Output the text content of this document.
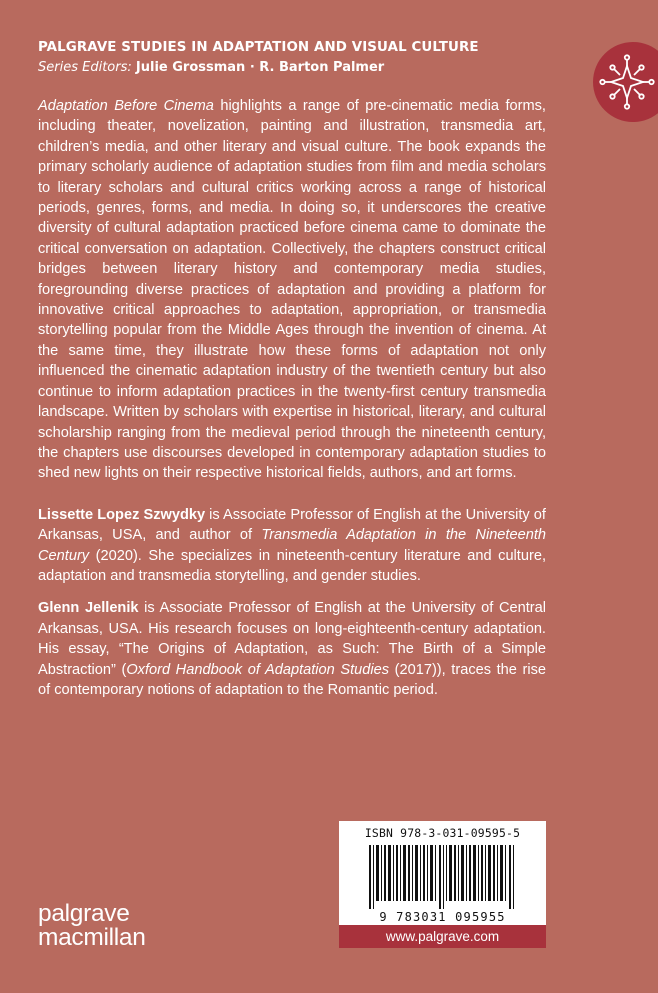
PALGRAVE STUDIES IN ADAPTATION AND VISUAL CULTURE
Series Editors: Julie Grossman · R. Barton Palmer

Adaptation Before Cinema highlights a range of pre-cinematic media forms, including theater, novelization, painting and illustration, transmedia art, children’s media, and other literary and visual culture. The book expands the primary scholarly audience of adaptation studies from film and media scholars to literary scholars and cultural critics working across a range of historical periods, genres, forms, and media. In doing so, it underscores the creative diversity of cultural adaptation practiced before cinema came to dominate the critical conversation on adaptation. Collectively, the chapters construct critical bridges between literary history and contemporary media studies, foregrounding diverse practices of adaptation and providing a platform for innovative critical approaches to adaptation, appropriation, or transmedia storytelling popular from the Middle Ages through the invention of cinema. At the same time, they illustrate how these forms of adaptation not only influenced the cinematic adaptation industry of the twentieth century but also continue to inform adaptation practices in the twenty-first century transmedia landscape. Written by scholars with expertise in historical, literary, and cultural scholarship ranging from the medieval period through the nineteenth century, the chapters use discourses developed in contemporary adaptation studies to shed new lights on their respective historical fields, authors, and art forms.

Lissette Lopez Szwydky is Associate Professor of English at the University of Arkansas, USA, and author of Transmedia Adaptation in the Nineteenth Century (2020). She specializes in nineteenth-century literature and culture, adaptation and transmedia storytelling, and gender studies.

Glenn Jellenik is Associate Professor of English at the University of Central Arkansas, USA. His research focuses on long-eighteenth-century adaptation. His essay, “The Origins of Adaptation, as Such: The Birth of a Simple Abstraction” (Oxford Handbook of Adaptation Studies (2017)), traces the rise of contemporary notions of adaptation to the Romantic period.

ISBN 978-3-031-09595-5
9 783031 095955
www.palgrave.com
palgrave
macmillan
